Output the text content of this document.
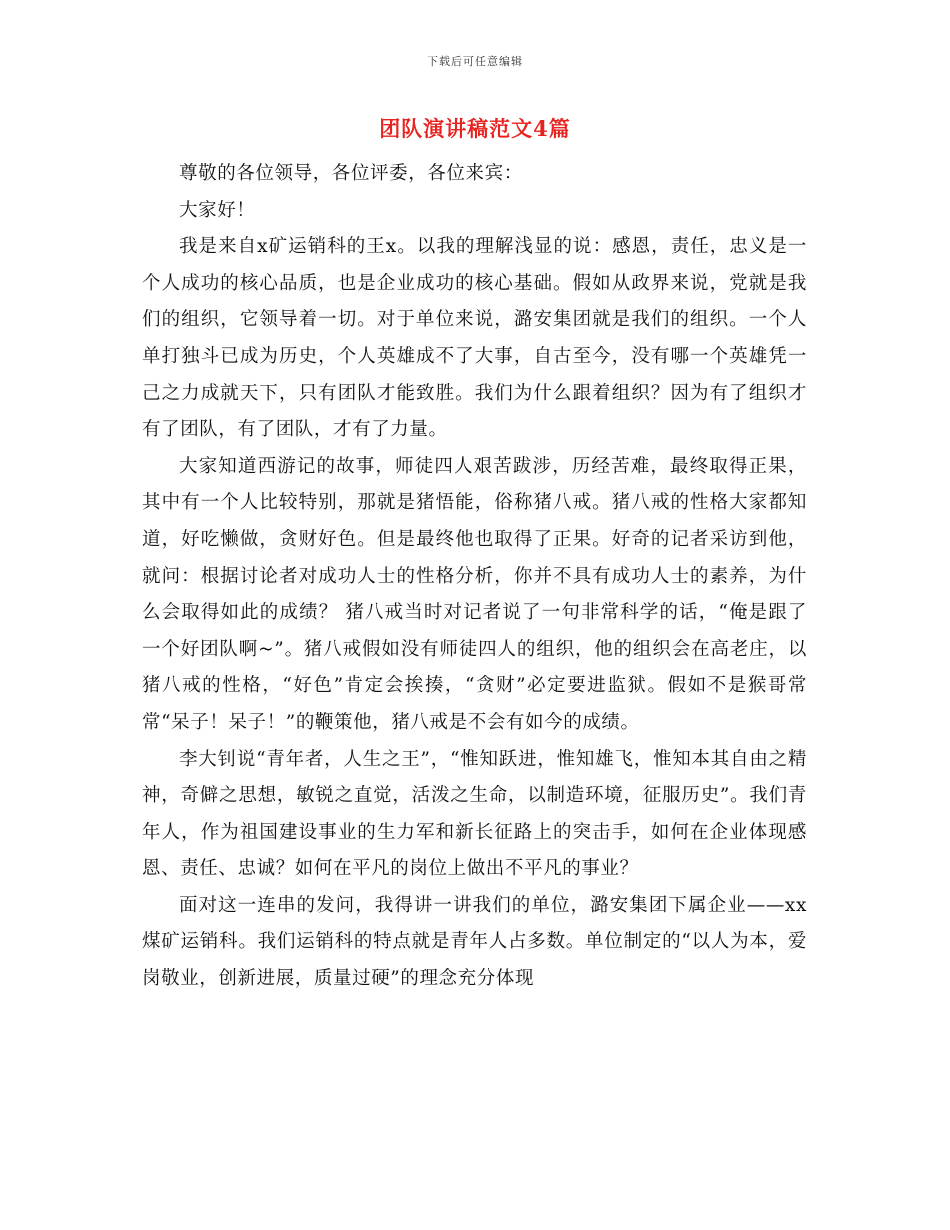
下载后可任意编辑
团队演讲稿范文4篇

尊敬的各位领导，各位评委，各位来宾：

大家好！

我是来自x矿运销科的王x。以我的理解浅显的说：感恩，责任，忠义是一个人成功的核心品质，也是企业成功的核心基础。假如从政界来说，党就是我们的组织，它领导着一切。对于单位来说，潞安集团就是我们的组织。一个人单打独斗已成为历史，个人英雄成不了大事，自古至今，没有哪一个英雄凭一己之力成就天下，只有团队才能致胜。我们为什么跟着组织？因为有了组织才有了团队，有了团队，才有了力量。

大家知道西游记的故事，师徒四人艰苦跋涉，历经苦难，最终取得正果，其中有一个人比较特别，那就是猪悟能，俗称猪八戒。猪八戒的性格大家都知道，好吃懒做，贪财好色。但是最终他也取得了正果。好奇的记者采访到他，就问：根据讨论者对成功人士的性格分析，你并不具有成功人士的素养，为什么会取得如此的成绩？ 猪八戒当时对记者说了一句非常科学的话，“俺是跟了一个好团队啊~”。猪八戒假如没有师徒四人的组织，他的组织会在高老庄，以猪八戒的性格，“好色”肯定会挨揍，“贪财”必定要进监狱。假如不是猴哥常常“呆子！呆子！”的鞭策他，猪八戒是不会有如今的成绩。

李大钊说“青年者，人生之王”，“惟知跃进，惟知雄飞，惟知本其自由之精神，奇僻之思想，敏锐之直觉，活泼之生命，以制造环境，征服历史”。我们青年人，作为祖国建设事业的生力军和新长征路上的突击手，如何在企业体现感恩、责任、忠诚？如何在平凡的岗位上做出不平凡的事业？

面对这一连串的发问，我得讲一讲我们的单位，潞安集团下属企业——xx煤矿运销科。我们运销科的特点就是青年人占多数。单位制定的“以人为本，爱岗敬业，创新进展，质量过硬”的理念充分体现
